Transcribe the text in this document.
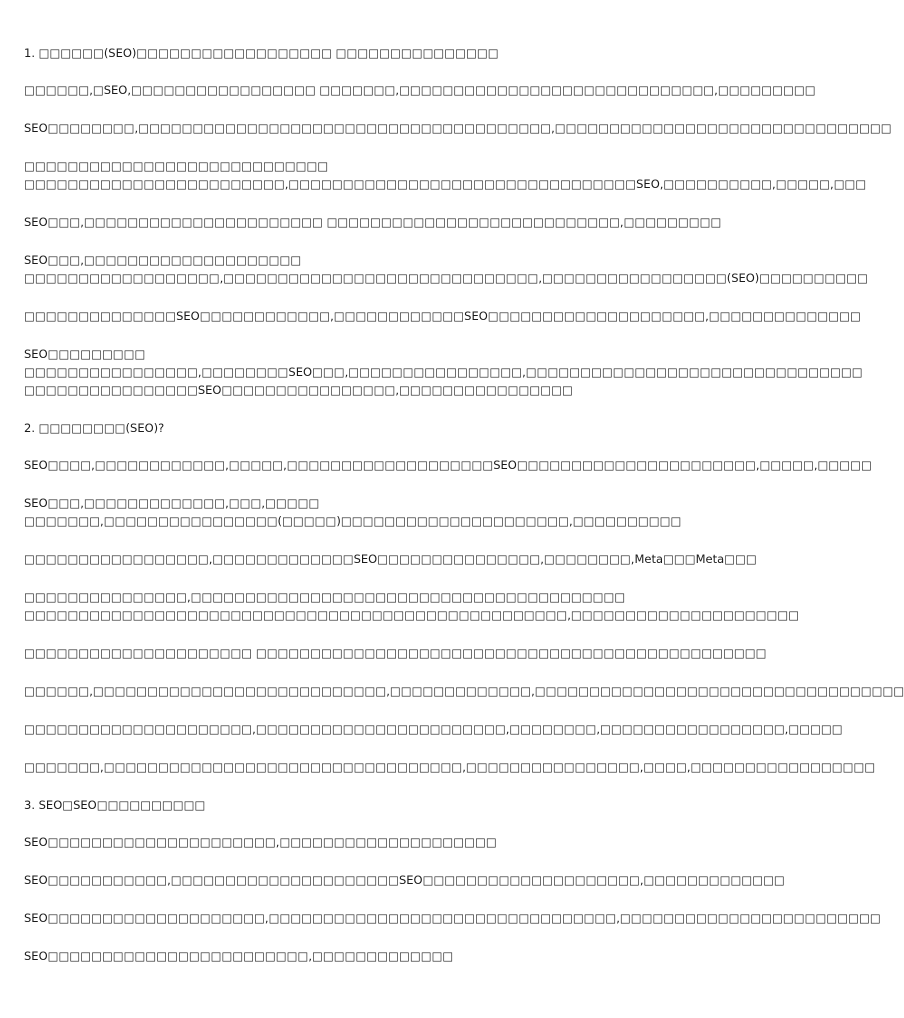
1. □□□□□□(SEO)□□□□□□□□□□□□□□□□□□ □□□□□□□□□□□□□□□
□□□□□□,□SEO,□□□□□□□□□□□□□□□□□ □□□□□□□,□□□□□□□□□□□□□□□□□□□□□□□□□□□□□,□□□□□□□□□
SEO□□□□□□□□,□□□□□□□□□□□□□□□□□□□□□□□□□□□□□□□□□□□□□□,□□□□□□□□□□□□□□□□□□□□□□□□□□□□□□□
□□□□□□□□□□□□□□□□□□□□□□□□□□□□
□□□□□□□□□□□□□□□□□□□□□□□□,□□□□□□□□□□□□□□□□□□□□□□□□□□□□□□□□SEO,□□□□□□□□□□,□□□□□,□□□
SEO□□□,□□□□□□□□□□□□□□□□□□□□□□ □□□□□□□□□□□□□□□□□□□□□□□□□□□,□□□□□□□□□
SEO□□□,□□□□□□□□□□□□□□□□□□□□
□□□□□□□□□□□□□□□□□□,□□□□□□□□□□□□□□□□□□□□□□□□□□□□□,□□□□□□□□□□□□□□□□□(SEO)□□□□□□□□□□
□□□□□□□□□□□□□□SEO□□□□□□□□□□□□,□□□□□□□□□□□□SEO□□□□□□□□□□□□□□□□□□□□,□□□□□□□□□□□□□□
SEO□□□□□□□□□
□□□□□□□□□□□□□□□□,□□□□□□□□SEO□□□,□□□□□□□□□□□□□□□□,□□□□□□□□□□□□□□□□□□□□□□□□□□□□□□□
□□□□□□□□□□□□□□□□SEO□□□□□□□□□□□□□□□□,□□□□□□□□□□□□□□□□
2. □□□□□□□□(SEO)?
SEO□□□□,□□□□□□□□□□□□,□□□□□,□□□□□□□□□□□□□□□□□□□SEO□□□□□□□□□□□□□□□□□□□□□□,□□□□□,□□□□□
SEO□□□,□□□□□□□□□□□□□,□□□,□□□□□
□□□□□□□,□□□□□□□□□□□□□□□□(□□□□□)□□□□□□□□□□□□□□□□□□□□□,□□□□□□□□□□
□□□□□□□□□□□□□□□□□,□□□□□□□□□□□□□SEO□□□□□□□□□□□□□□□,□□□□□□□□,Meta□□□Meta□□□
□□□□□□□□□□□□□□□,□□□□□□□□□□□□□□□□□□□□□□□□□□□□□□□□□□□□□□□□
□□□□□□□□□□□□□□□□□□□□□□□□□□□□□□□□□□□□□□□□□□□□□□□□□□,□□□□□□□□□□□□□□□□□□□□□
□□□□□□□□□□□□□□□□□□□□□ □□□□□□□□□□□□□□□□□□□□□□□□□□□□□□□□□□□□□□□□□□□□□□□
□□□□□□,□□□□□□□□□□□□□□□□□□□□□□□□□□□,□□□□□□□□□□□□□,□□□□□□□□□□□□□□□□□□□□□□□□□□□□□□□□□□
□□□□□□□□□□□□□□□□□□□□□,□□□□□□□□□□□□□□□□□□□□□□□,□□□□□□□□,□□□□□□□□□□□□□□□□□,□□□□□
□□□□□□□,□□□□□□□□□□□□□□□□□□□□□□□□□□□□□□□□□,□□□□□□□□□□□□□□□□,□□□□,□□□□□□□□□□□□□□□□□
3. SEO□SEO□□□□□□□□□□
SEO□□□□□□□□□□□□□□□□□□□□□,□□□□□□□□□□□□□□□□□□□□
SEO□□□□□□□□□□□,□□□□□□□□□□□□□□□□□□□□□SEO□□□□□□□□□□□□□□□□□□□□,□□□□□□□□□□□□□
SEO□□□□□□□□□□□□□□□□□□□□,□□□□□□□□□□□□□□□□□□□□□□□□□□□□□□□□,□□□□□□□□□□□□□□□□□□□□□□□□
SEO□□□□□□□□□□□□□□□□□□□□□□□□,□□□□□□□□□□□□□
